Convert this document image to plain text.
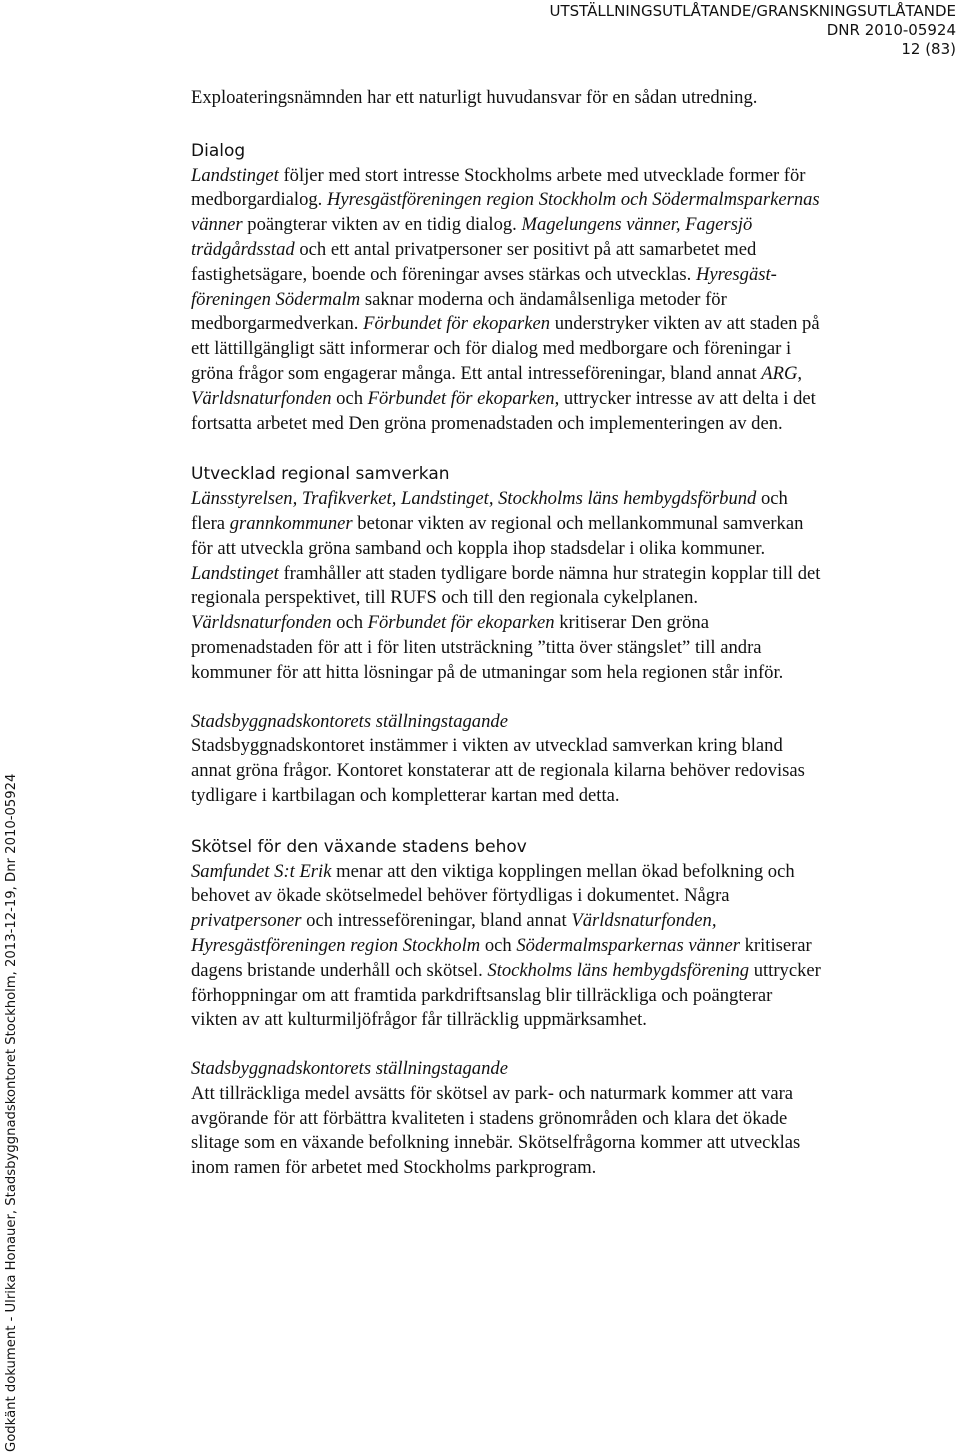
UTSTÄLLNINGSUTLÅTANDE/GRANSKNINGSUTLÅTANDE
DNR 2010-05924
12 (83)
Godkänt dokument - Ulrika Honauer, Stadsbyggnadskontoret Stockholm, 2013-12-19, Dnr 2010-05924

Exploateringsnämnden har ett naturligt huvudansvar för en sådan utredning.

Dialog

Landstinget följer med stort intresse Stockholms arbete med utvecklade former för medborgardialog. Hyresgästföreningen region Stockholm och Södermalmsparkernas vänner poängterar vikten av en tidig dialog. Magelungens vänner, Fagersjö trädgårdsstad och ett antal privatpersoner ser positivt på att samarbetet med fastighetsägare, boende och föreningar avses stärkas och utvecklas. Hyresgäst-föreningen Södermalm saknar moderna och ändamålsenliga metoder för medborgarmedverkan. Förbundet för ekoparken understryker vikten av att staden på ett lättillgängligt sätt informerar och för dialog med medborgare och föreningar i gröna frågor som engagerar många. Ett antal intresseföreningar, bland annat ARG, Världsnaturfonden och Förbundet för ekoparken, uttrycker intresse av att delta i det fortsatta arbetet med Den gröna promenadstaden och implementeringen av den.

Utvecklad regional samverkan

Länsstyrelsen, Trafikverket, Landstinget, Stockholms läns hembygdsförbund och flera grannkommuner betonar vikten av regional och mellankommunal samverkan för att utveckla gröna samband och koppla ihop stadsdelar i olika kommuner. Landstinget framhåller att staden tydligare borde nämna hur strategin kopplar till det regionala perspektivet, till RUFS och till den regionala cykelplanen. Världsnaturfonden och Förbundet för ekoparken kritiserar Den gröna promenadstaden för att i för liten utsträckning ”titta över stängslet” till andra kommuner för att hitta lösningar på de utmaningar som hela regionen står inför.

Stadsbyggnadskontorets ställningstagande

Stadsbyggnadskontoret instämmer i vikten av utvecklad samverkan kring bland annat gröna frågor. Kontoret konstaterar att de regionala kilarna behöver redovisas tydligare i kartbilagan och kompletterar kartan med detta.

Skötsel för den växande stadens behov

Samfundet S:t Erik menar att den viktiga kopplingen mellan ökad befolkning och behovet av ökade skötselmedel behöver förtydligas i dokumentet. Några privatpersoner och intresseföreningar, bland annat Världsnaturfonden, Hyresgästföreningen region Stockholm och Södermalmsparkernas vänner kritiserar dagens bristande underhåll och skötsel. Stockholms läns hembygdsförening uttrycker förhoppningar om att framtida parkdriftsanslag blir tillräckliga och poängterar vikten av att kulturmiljöfrågor får tillräcklig uppmärksamhet.

Stadsbyggnadskontorets ställningstagande

Att tillräckliga medel avsätts för skötsel av park- och naturmark kommer att vara avgörande för att förbättra kvaliteten i stadens grönområden och klara det ökade slitage som en växande befolkning innebär. Skötselfrågorna kommer att utvecklas inom ramen för arbetet med Stockholms parkprogram.
